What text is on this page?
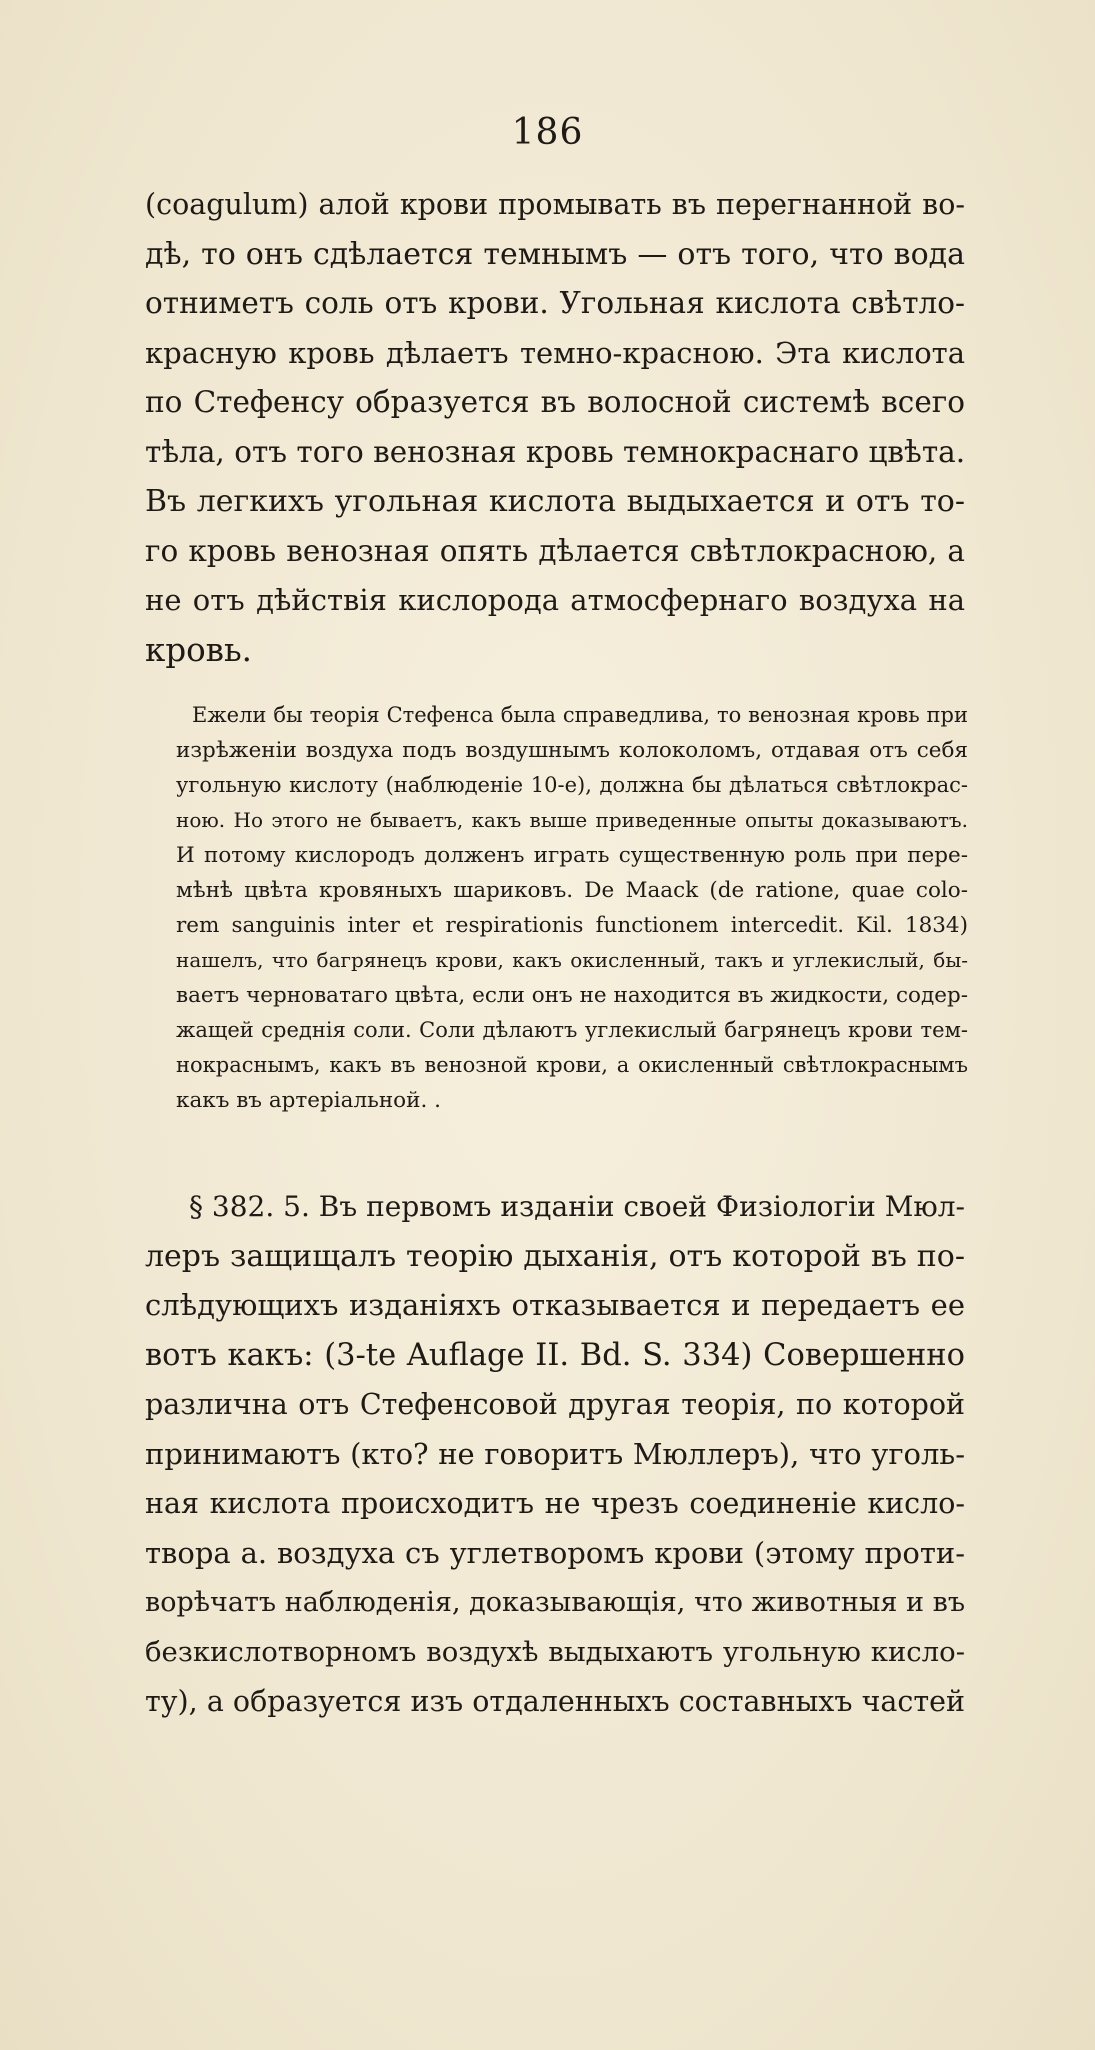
186

(coagulum) алой крови промывать въ перегнанной во-
дѣ, то онъ сдѣлается темнымъ — отъ того, что вода
отниметъ соль отъ крови. Угольная кислота свѣтло-
красную кровь дѣлаетъ темно-красною. Эта кислота
по Стефенсу образуется въ волосной системѣ всего
тѣла, отъ того венозная кровь темнокраснаго цвѣта.
Въ легкихъ угольная кислота выдыхается и отъ то-
го кровь венозная опять дѣлается свѣтлокрасною, а
не отъ дѣйствія кислорода атмосфернаго воздуха на
кровь.

Ежели бы теорія Стефенса была справедлива, то венозная кровь при
изрѣженіи воздуха подъ воздушнымъ колоколомъ, отдавая отъ себя
угольную кислоту (наблюденіе 10-е), должна бы дѣлаться свѣтлокрас-
ною. Но этого не бываетъ, какъ выше приведенные опыты доказываютъ.
И потому кислородъ долженъ играть существенную роль при пере-
мѣнѣ цвѣта кровяныхъ шариковъ. De Maack (de ratione, quae colo-
rem sanguinis inter et respirationis functionem intercedit. Kil. 1834)
нашелъ, что багрянецъ крови, какъ окисленный, такъ и углекислый, бы-
ваетъ черноватаго цвѣта, если онъ не находится въ жидкости, содер-
жащей среднія соли. Соли дѣлаютъ углекислый багрянецъ крови тем-
нокраснымъ, какъ въ венозной крови, а окисленный свѣтлокраснымъ
какъ въ артеріальной. .

§ 382. 5. Въ первомъ изданіи своей Физіологіи Мюл-
леръ защищалъ теорію дыханія, отъ которой въ по-
слѣдующихъ изданіяхъ отказывается и передаетъ ее
вотъ какъ: (3-te Auflage II. Bd. S. 334) Совершенно
различна отъ Стефенсовой другая теорія, по которой
принимаютъ (кто? не говоритъ Мюллеръ), что уголь-
ная кислота происходитъ не чрезъ соединеніе кисло-
твора а. воздуха съ углетворомъ крови (этому проти-
ворѣчатъ наблюденія, доказывающія, что животныя и въ
безкислотворномъ воздухѣ выдыхаютъ угольную кисло-
ту), а образуется изъ отдаленныхъ составныхъ частей
